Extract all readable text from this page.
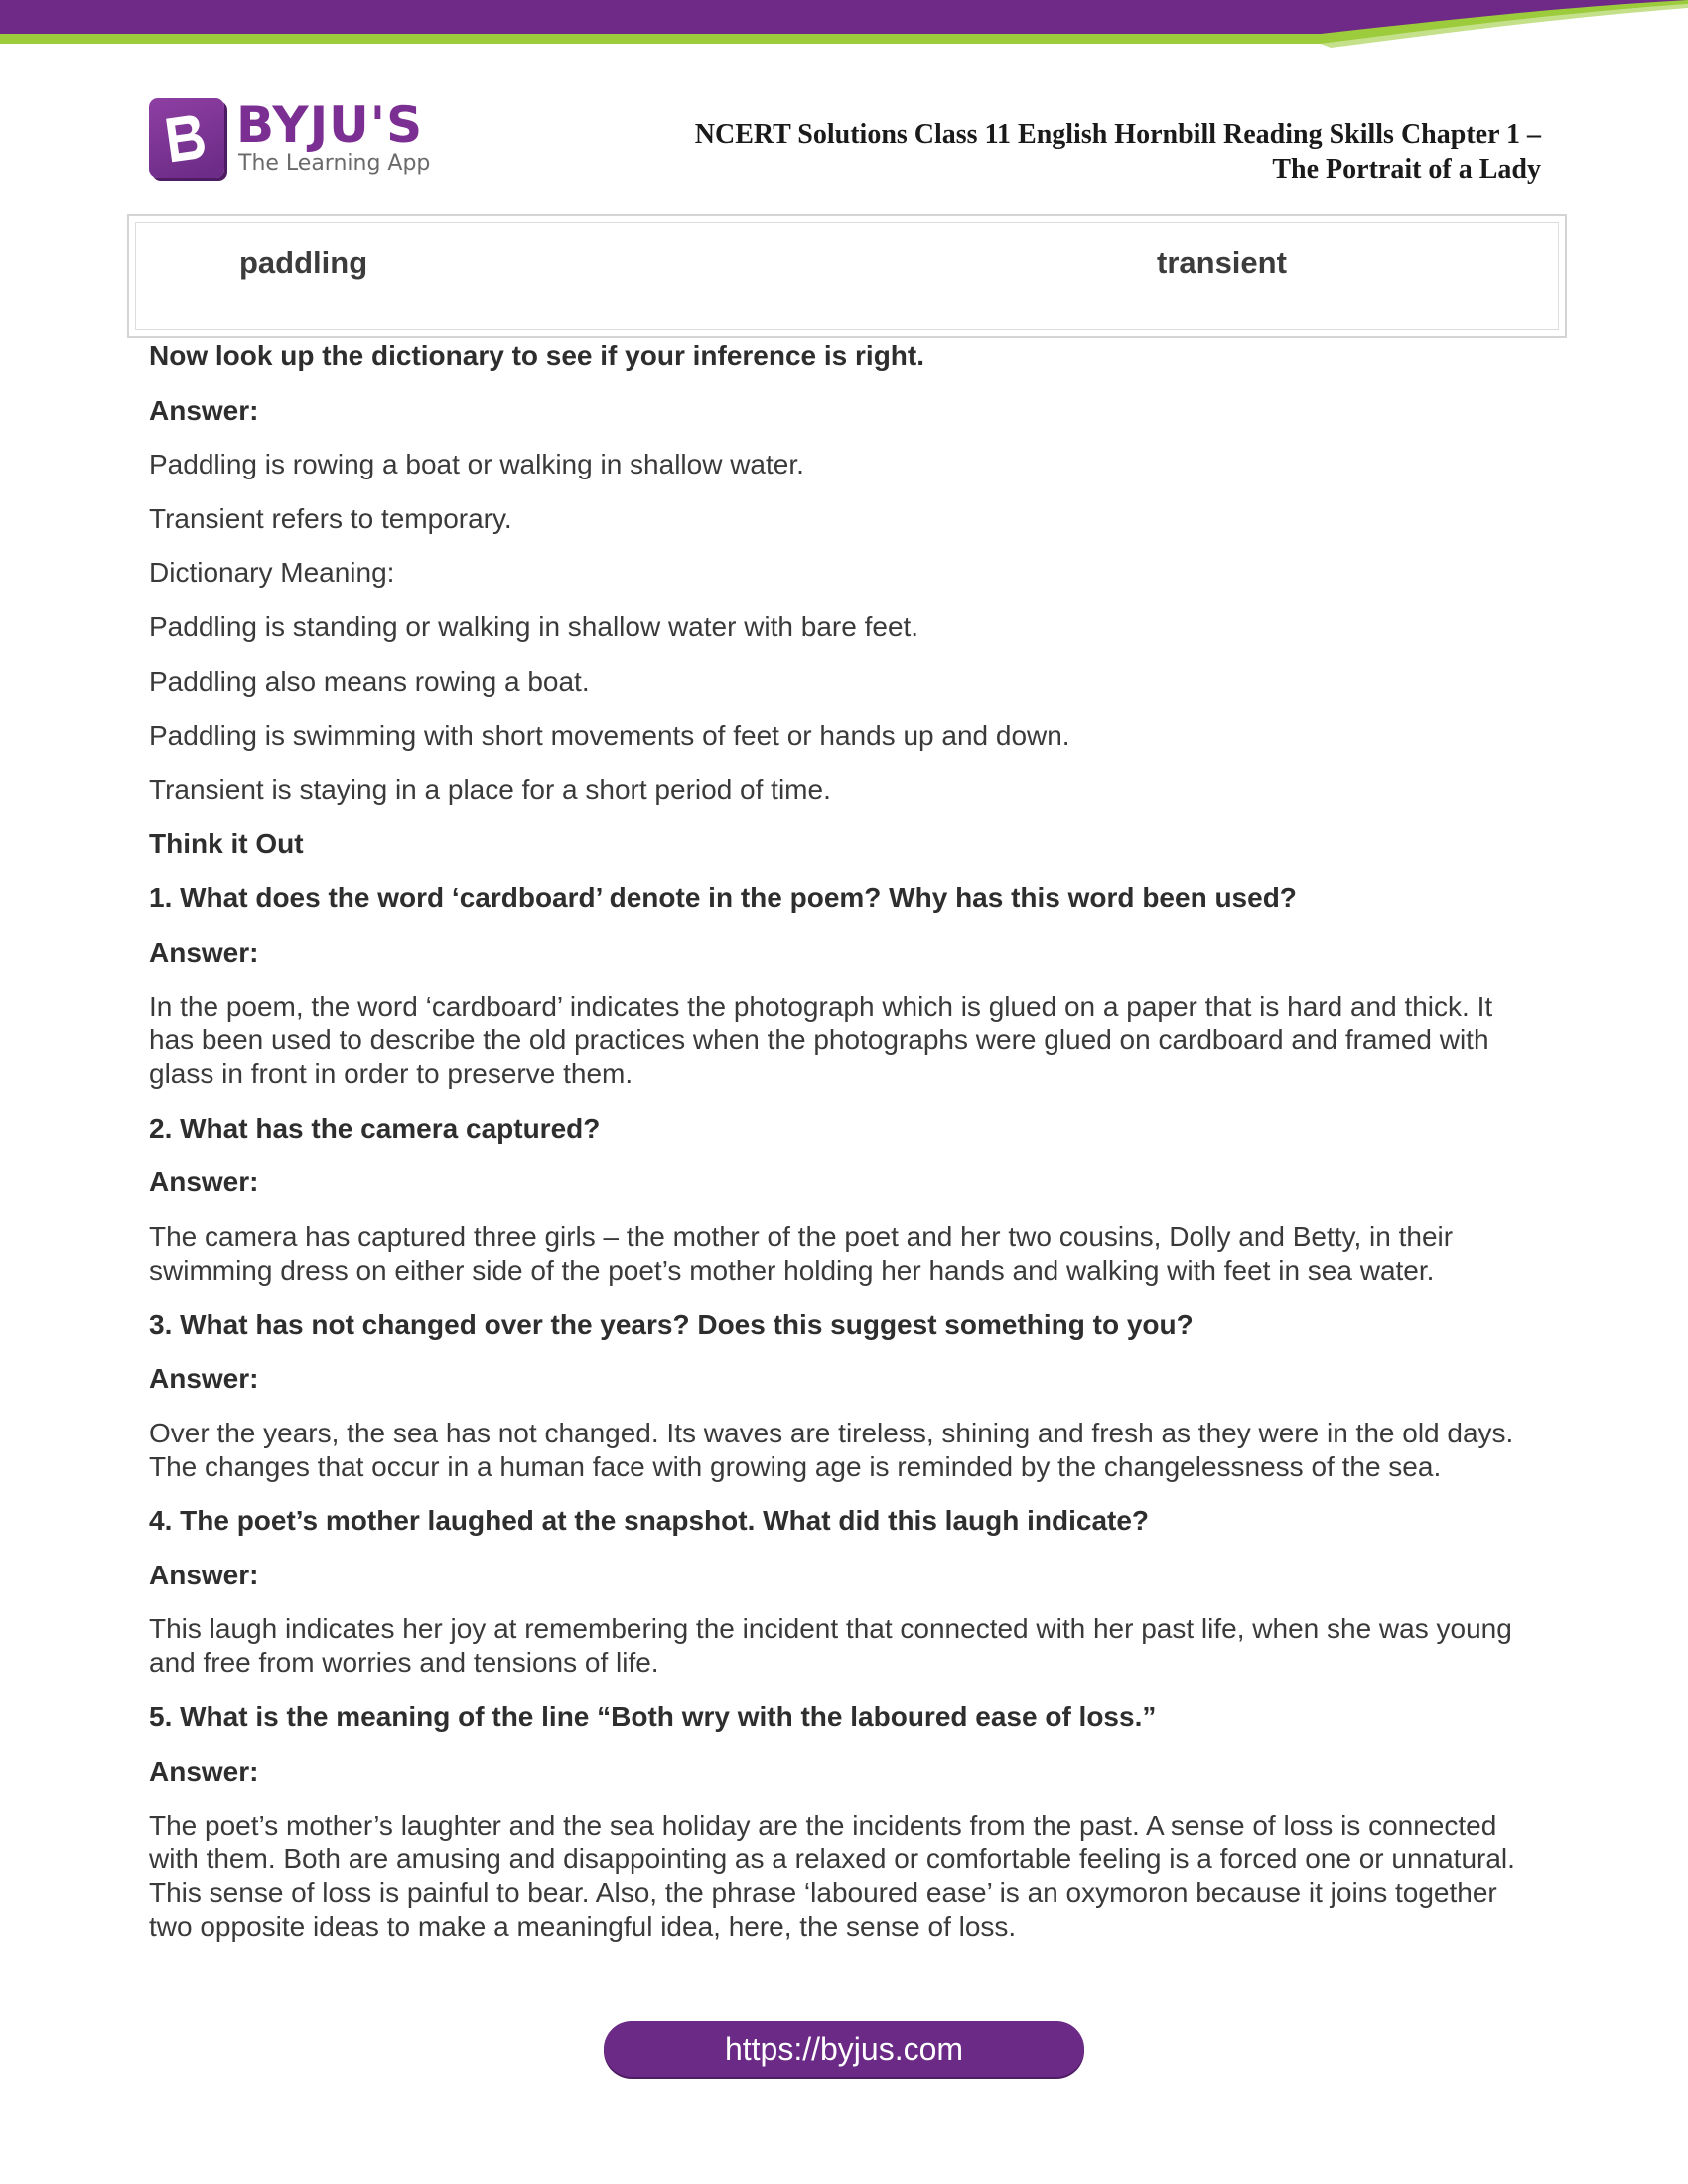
BYJU'S
The Learning App
NCERT Solutions Class 11 English Hornbill Reading Skills Chapter 1 –
The Portrait of a Lady
paddling	transient

Now look up the dictionary to see if your inference is right.

Answer:

Paddling is rowing a boat or walking in shallow water.

Transient refers to temporary.

Dictionary Meaning:

Paddling is standing or walking in shallow water with bare feet.

Paddling also means rowing a boat.

Paddling is swimming with short movements of feet or hands up and down.

Transient is staying in a place for a short period of time.

Think it Out

1. What does the word ‘cardboard’ denote in the poem? Why has this word been used?

Answer:

In the poem, the word ‘cardboard’ indicates the photograph which is glued on a paper that is hard and thick. It has been used to describe the old practices when the photographs were glued on cardboard and framed with glass in front in order to preserve them.

2. What has the camera captured?

Answer:

The camera has captured three girls – the mother of the poet and her two cousins, Dolly and Betty, in their swimming dress on either side of the poet’s mother holding her hands and walking with feet in sea water.

3. What has not changed over the years? Does this suggest something to you?

Answer:

Over the years, the sea has not changed. Its waves are tireless, shining and fresh as they were in the old days. The changes that occur in a human face with growing age is reminded by the changelessness of the sea.

4. The poet’s mother laughed at the snapshot. What did this laugh indicate?

Answer:

This laugh indicates her joy at remembering the incident that connected with her past life, when she was young and free from worries and tensions of life.

5. What is the meaning of the line “Both wry with the laboured ease of loss.”

Answer:

The poet’s mother’s laughter and the sea holiday are the incidents from the past. A sense of loss is connected with them. Both are amusing and disappointing as a relaxed or comfortable feeling is a forced one or unnatural. This sense of loss is painful to bear. Also, the phrase ‘laboured ease’ is an oxymoron because it joins together two opposite ideas to make a meaningful idea, here, the sense of loss.

https://byjus.com
